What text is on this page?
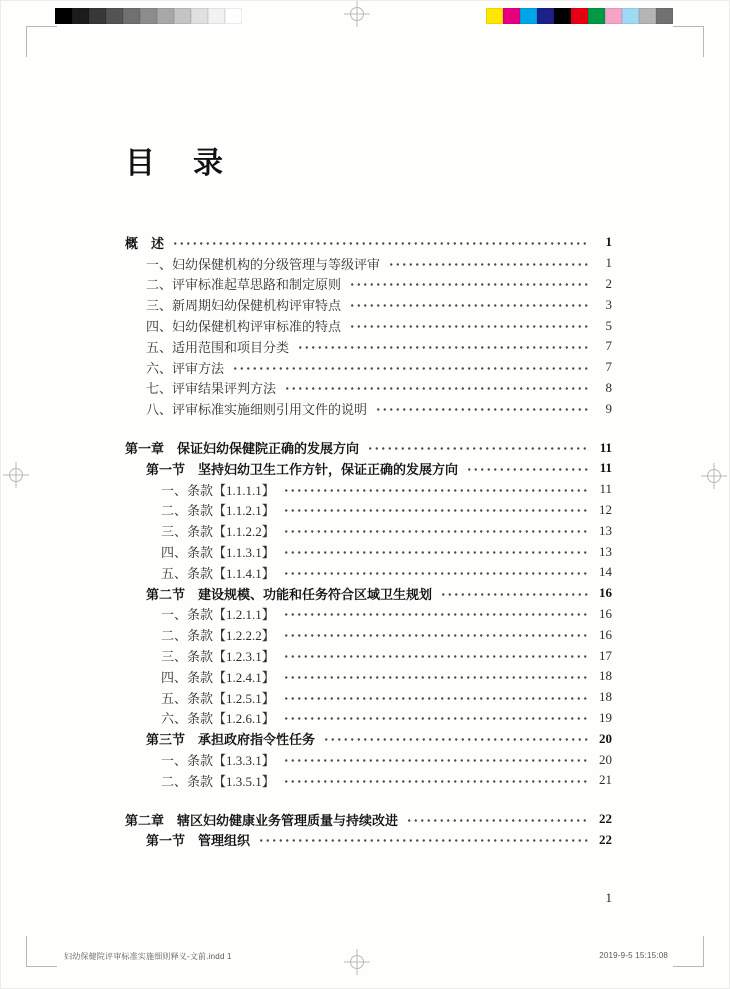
目　录
概　述	1
一、妇幼保健机构的分级管理与等级评审	1
二、评审标准起草思路和制定原则	2
三、新周期妇幼保健机构评审特点	3
四、妇幼保健机构评审标准的特点	5
五、适用范围和项目分类	7
六、评审方法	7
七、评审结果评判方法	8
八、评审标准实施细则引用文件的说明	9
第一章　保证妇幼保健院正确的发展方向	11
第一节　坚持妇幼卫生工作方针，保证正确的发展方向	11
一、条款【1.1.1.1】	11
二、条款【1.1.2.1】	12
三、条款【1.1.2.2】	13
四、条款【1.1.3.1】	13
五、条款【1.1.4.1】	14
第二节　建设规模、功能和任务符合区域卫生规划	16
一、条款【1.2.1.1】	16
二、条款【1.2.2.2】	16
三、条款【1.2.3.1】	17
四、条款【1.2.4.1】	18
五、条款【1.2.5.1】	18
六、条款【1.2.6.1】	19
第三节　承担政府指令性任务	20
一、条款【1.3.3.1】	20
二、条款【1.3.5.1】	21
第二章　辖区妇幼健康业务管理质量与持续改进	22
第一节　管理组织	22
1
妇幼保健院评审标准实施细则释义-文前.indd 1	2019-9-5 15:15:08
